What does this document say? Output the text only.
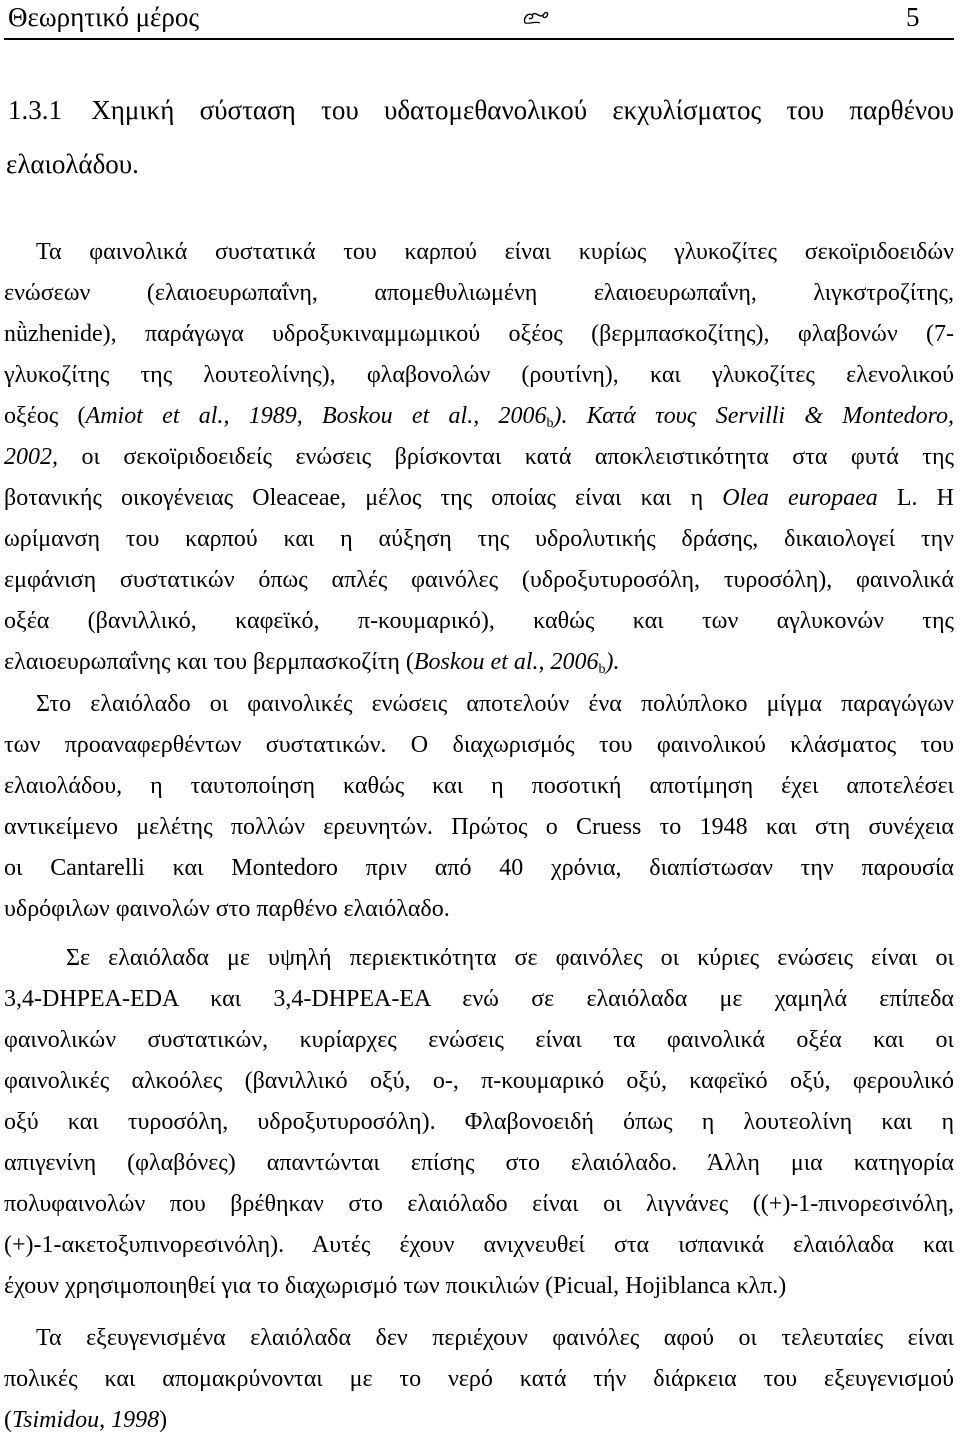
Θεωρητικό μέρος	5
1.3.1 Χημική σύσταση του υδατομεθανολικού εκχυλίσματος του παρθένου
ελαιολάδου.
Τα φαινολικά συστατικά του καρπού είναι κυρίως γλυκοζίτες σεκοϊριδοειδών
ενώσεων (ελαιοευρωπαΐνη, απομεθυλιωμένη ελαιοευρωπαΐνη, λιγκστροζίτης,
nǜzhenide), παράγωγα υδροξυκιναμμωμικού οξέος (βερμπασκοζίτης), φλαβονών (7-
γλυκοζίτης της λουτεολίνης), φλαβονολών (ρουτίνη), και γλυκοζίτες ελενολικού
οξέος (Amiot et al., 1989, Boskou et al., $2006_b$). Κατά τους Servilli & Montedoro,
2002, οι σεκοϊριδοειδείς ενώσεις βρίσκονται κατά αποκλειστικότητα στα φυτά της
βοτανικής οικογένειας Oleaceae, μέλος της οποίας είναι και η Olea europaea L. Η
ωρίμανση του καρπού και η αύξηση της υδρολυτικής δράσης, δικαιολογεί την
εμφάνιση συστατικών όπως απλές φαινόλες (υδροξυτυροσόλη, τυροσόλη), φαινολικά
οξέα (βανιλλικό, καφεϊκό, π-κουμαρικό), καθώς και των αγλυκονών της
ελαιοευρωπαΐνης και του βερμπασκοζίτη (Boskou et al., $2006_b$).
Στο ελαιόλαδο οι φαινολικές ενώσεις αποτελούν ένα πολύπλοκο μίγμα παραγώγων
των προαναφερθέντων συστατικών. Ο διαχωρισμός του φαινολικού κλάσματος του
ελαιολάδου, η ταυτοποίηση καθώς και η ποσοτική αποτίμηση έχει αποτελέσει
αντικείμενο μελέτης πολλών ερευνητών. Πρώτος ο Cruess το 1948 και στη συνέχεια
οι Cantarelli και Montedoro πριν από 40 χρόνια, διαπίστωσαν την παρουσία
υδρόφιλων φαινολών στο παρθένο ελαιόλαδο.
Σε ελαιόλαδα με υψηλή περιεκτικότητα σε φαινόλες οι κύριες ενώσεις είναι οι
3,4-DHPEA-EDA και 3,4-DHPEA-EA ενώ σε ελαιόλαδα με χαμηλά επίπεδα
φαινολικών συστατικών, κυρίαρχες ενώσεις είναι τα φαινολικά οξέα και οι
φαινολικές αλκοόλες (βανιλλικό οξύ, ο-, π-κουμαρικό οξύ, καφεϊκό οξύ, φερουλικό
οξύ και τυροσόλη, υδροξυτυροσόλη). Φλαβονοειδή όπως η λουτεολίνη και η
απιγενίνη (φλαβόνες) απαντώνται επίσης στο ελαιόλαδο. Άλλη μια κατηγορία
πολυφαινολών που βρέθηκαν στο ελαιόλαδο είναι οι λιγνάνες ((+)-1-πινορεσινόλη,
(+)-1-ακετοξυπινορεσινόλη). Αυτές έχουν ανιχνευθεί στα ισπανικά ελαιόλαδα και
έχουν χρησιμοποιηθεί για το διαχωρισμό των ποικιλιών (Picual, Hojiblanca κλπ.)
Τα εξευγενισμένα ελαιόλαδα δεν περιέχουν φαινόλες αφού οι τελευταίες είναι
πολικές και απομακρύνονται με το νερό κατά τήν διάρκεια του εξευγενισμού
(Tsimidou, 1998)
